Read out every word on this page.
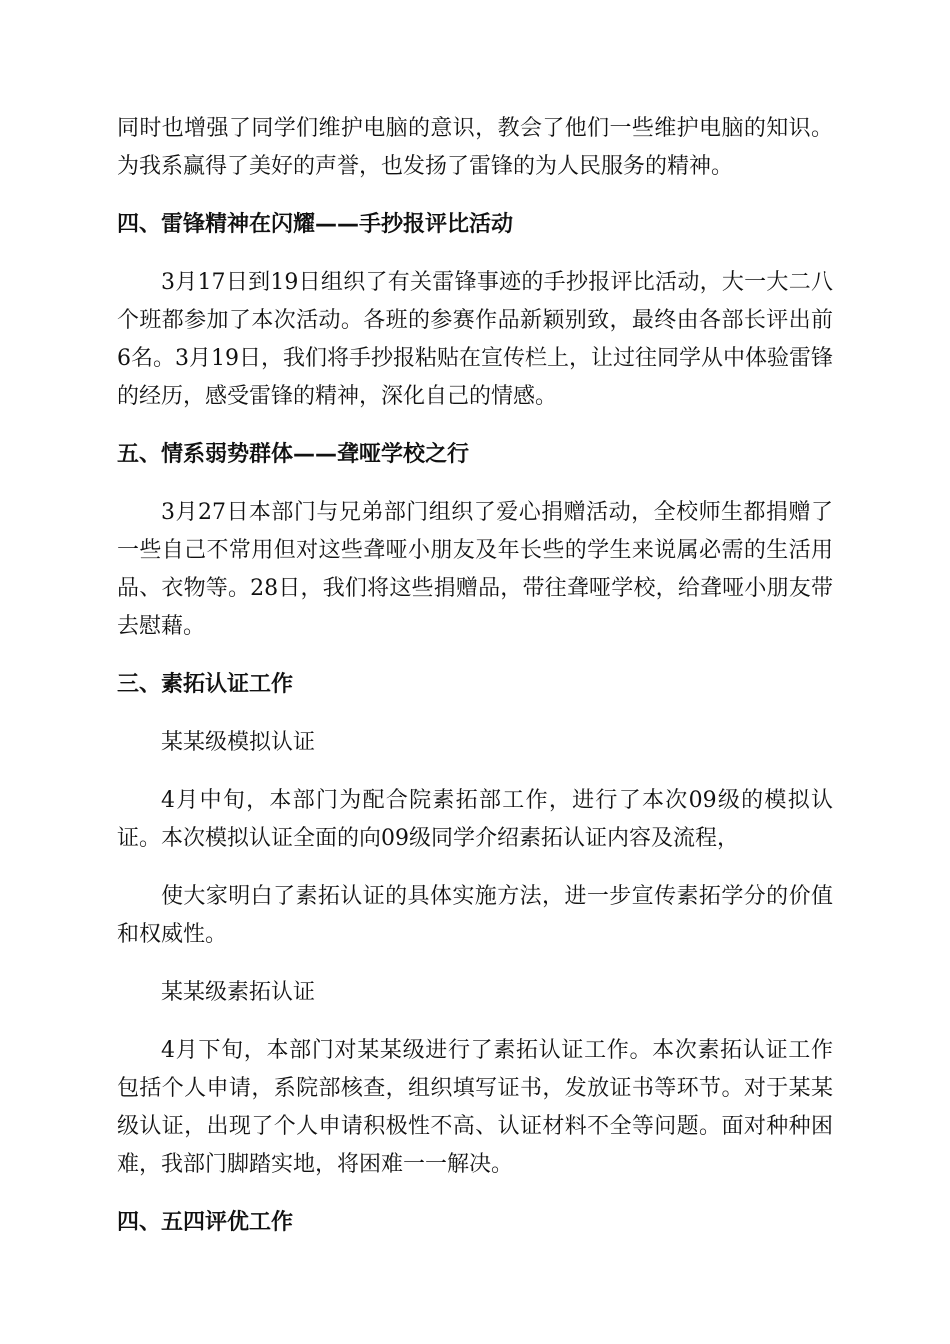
同时也增强了同学们维护电脑的意识，教会了他们一些维护电脑的知识。为我系赢得了美好的声誉，也发扬了雷锋的为人民服务的精神。

四、雷锋精神在闪耀——手抄报评比活动

3月17日到19日组织了有关雷锋事迹的手抄报评比活动，大一大二八个班都参加了本次活动。各班的参赛作品新颖别致，最终由各部长评出前6名。3月19日，我们将手抄报粘贴在宣传栏上，让过往同学从中体验雷锋的经历，感受雷锋的精神，深化自己的情感。

五、情系弱势群体——聋哑学校之行

3月27日本部门与兄弟部门组织了爱心捐赠活动，全校师生都捐赠了一些自己不常用但对这些聋哑小朋友及年长些的学生来说属必需的生活用品、衣物等。28日，我们将这些捐赠品，带往聋哑学校，给聋哑小朋友带去慰藉。

三、素拓认证工作

某某级模拟认证

4月中旬，本部门为配合院素拓部工作，进行了本次09级的模拟认证。本次模拟认证全面的向09级同学介绍素拓认证内容及流程，

使大家明白了素拓认证的具体实施方法，进一步宣传素拓学分的价值和权威性。

某某级素拓认证

4月下旬，本部门对某某级进行了素拓认证工作。本次素拓认证工作包括个人申请，系院部核查，组织填写证书，发放证书等环节。对于某某级认证，出现了个人申请积极性不高、认证材料不全等问题。面对种种困难，我部门脚踏实地，将困难一一解决。

四、五四评优工作
